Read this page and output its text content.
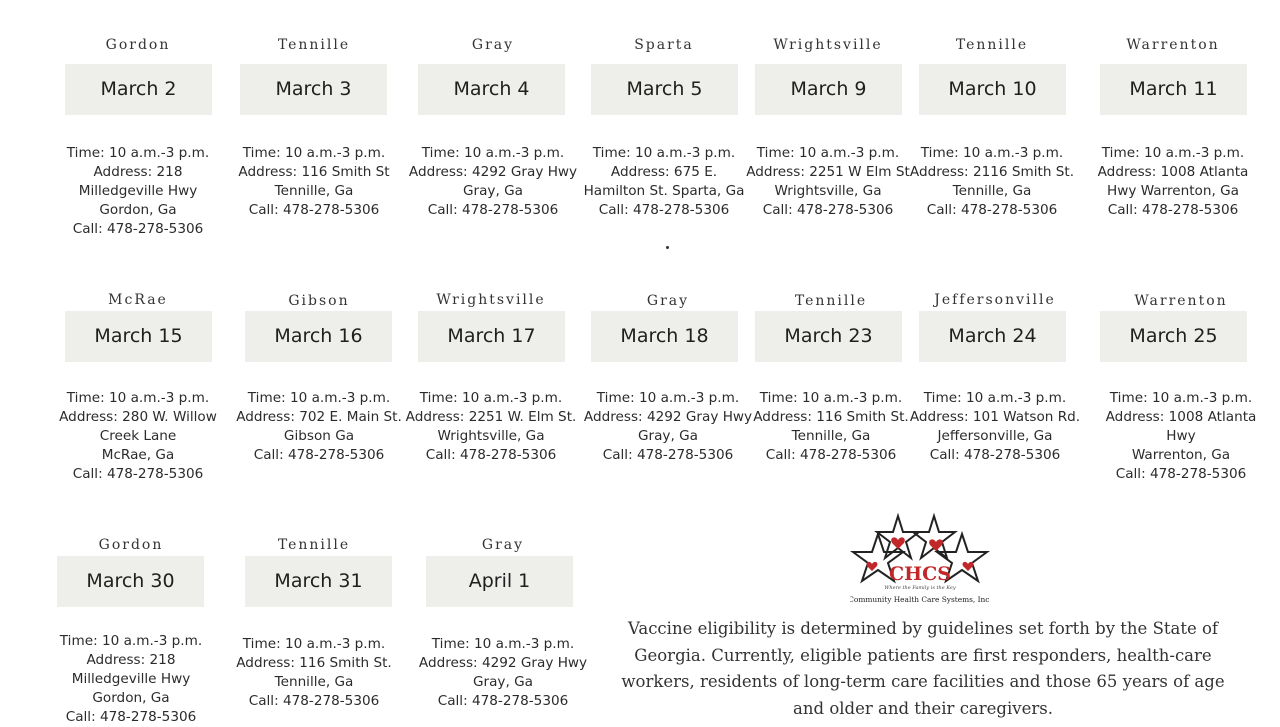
Gordon
March 2
Time: 10 a.m.-3 p.m.
Address: 218
Milledgeville Hwy
Gordon, Ga
Call: 478-278-5306
Tennille
March 3
Time: 10 a.m.-3 p.m.
Address: 116 Smith St
Tennille, Ga
Call: 478-278-5306
Gray
March 4
Time: 10 a.m.-3 p.m.
Address: 4292 Gray Hwy
Gray, Ga
Call: 478-278-5306
Sparta
March 5
Time: 10 a.m.-3 p.m.
Address: 675 E.
Hamilton St. Sparta, Ga
Call: 478-278-5306
Wrightsville
March 9
Time: 10 a.m.-3 p.m.
Address: 2251 W Elm St
Wrightsville, Ga
Call: 478-278-5306
Tennille
March 10
Time: 10 a.m.-3 p.m.
Address: 2116 Smith St.
Tennille, Ga
Call: 478-278-5306
Warrenton
March 11
Time: 10 a.m.-3 p.m.
Address: 1008 Atlanta
Hwy Warrenton, Ga
Call: 478-278-5306
McRae
March 15
Time: 10 a.m.-3 p.m.
Address: 280 W. Willow
Creek Lane
McRae, Ga
Call: 478-278-5306
Gibson
March 16
Time: 10 a.m.-3 p.m.
Address: 702 E. Main St.
Gibson Ga
Call: 478-278-5306
Wrightsville
March 17
Time: 10 a.m.-3 p.m.
Address: 2251 W. Elm St.
Wrightsville, Ga
Call: 478-278-5306
Gray
March 18
Time: 10 a.m.-3 p.m.
Address: 4292 Gray Hwy
Gray, Ga
Call: 478-278-5306
Tennille
March 23
Time: 10 a.m.-3 p.m.
Address: 116 Smith St.
Tennille, Ga
Call: 478-278-5306
Jeffersonville
March 24
Time: 10 a.m.-3 p.m.
Address: 101 Watson Rd.
Jeffersonville, Ga
Call: 478-278-5306
Warrenton
March 25
Time: 10 a.m.-3 p.m.
Address: 1008 Atlanta
Hwy
Warrenton, Ga
Call: 478-278-5306
Gordon
March 30
Time: 10 a.m.-3 p.m.
Address: 218
Milledgeville Hwy
Gordon, Ga
Call: 478-278-5306
Tennille
March 31
Time: 10 a.m.-3 p.m.
Address: 116 Smith St.
Tennille, Ga
Call: 478-278-5306
Gray
April 1
Time: 10 a.m.-3 p.m.
Address: 4292 Gray Hwy
Gray, Ga
Call: 478-278-5306
CHCS
Where the Family is the Key
Community Health Care Systems, Inc.
Vaccine eligibility is determined by guidelines set forth by the State of Georgia. Currently, eligible patients are first responders, health-care workers, residents of long-term care facilities and those 65 years of age and older and their caregivers.
